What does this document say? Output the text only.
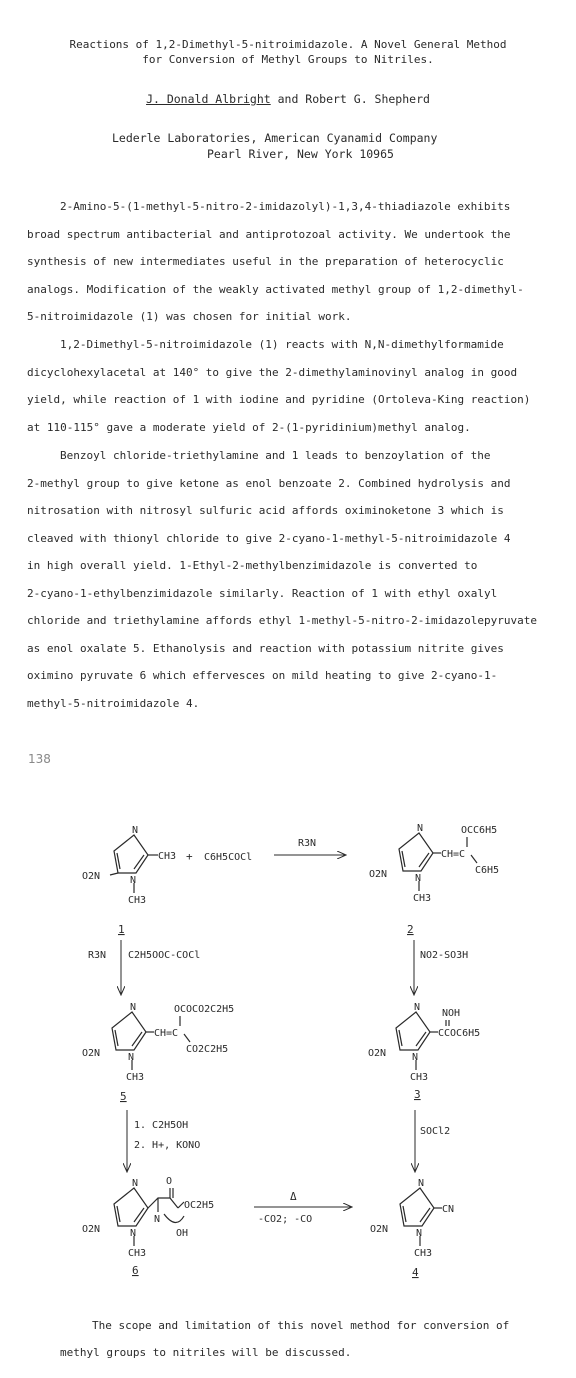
Reactions of 1,2-Dimethyl-5-nitroimidazole. A Novel General Method
for Conversion of Methyl Groups to Nitriles.
J. Donald Albright and Robert G. Shepherd
Lederle Laboratories, American Cyanamid Company
Pearl River, New York 10965
2-Amino-5-(1-methyl-5-nitro-2-imidazolyl)-1,3,4-thiadiazole exhibits
broad spectrum antibacterial and antiprotozoal activity. We undertook the
synthesis of new intermediates useful in the preparation of heterocyclic
analogs. Modification of the weakly activated methyl group of 1,2-dimethyl-
5-nitroimidazole (1) was chosen for initial work.
1,2-Dimethyl-5-nitroimidazole (1) reacts with N,N-dimethylformamide
dicyclohexylacetal at 140° to give the 2-dimethylaminovinyl analog in good
yield, while reaction of 1 with iodine and pyridine (Ortoleva-King reaction)
at 110-115° gave a moderate yield of 2-(1-pyridinium)methyl analog.
Benzoyl chloride-triethylamine and 1 leads to benzoylation of the
2-methyl group to give ketone as enol benzoate 2. Combined hydrolysis and
nitrosation with nitrosyl sulfuric acid affords oximinoketone 3 which is
cleaved with thionyl chloride to give 2-cyano-1-methyl-5-nitroimidazole 4
in high overall yield. 1-Ethyl-2-methylbenzimidazole is converted to
2-cyano-1-ethylbenzimidazole similarly. Reaction of 1 with ethyl oxalyl
chloride and triethylamine affords ethyl 1-methyl-5-nitro-2-imidazolepyruvate
as enol oxalate 5. Ethanolysis and reaction with potassium nitrite gives
oximino pyruvate 6 which effervesces on mild heating to give 2-cyano-1-
methyl-5-nitroimidazole 4.
138
N
N
CH3
O2N
CH3
1
+ C6H5COCl
R3N
N
N
CH=C
OCC6H5
C6H5
O2N
CH3
2
R3N C2H5OOC-COCl	NO2-SO3H
N
N
CH=C
OCOCO2C2H5
CO2C2H5
O2N
CH3
5
N
N
CCOC6H5
NOH
O2N
CH3
3
1. C2H5OH
2. H+, KONO
SOCl2
N
N
O
N
OH
OC2H5
O2N
CH3
6
Δ
-CO2; -CO
N
N
CN
O2N
CH3
4
The scope and limitation of this novel method for conversion of
methyl groups to nitriles will be discussed.
